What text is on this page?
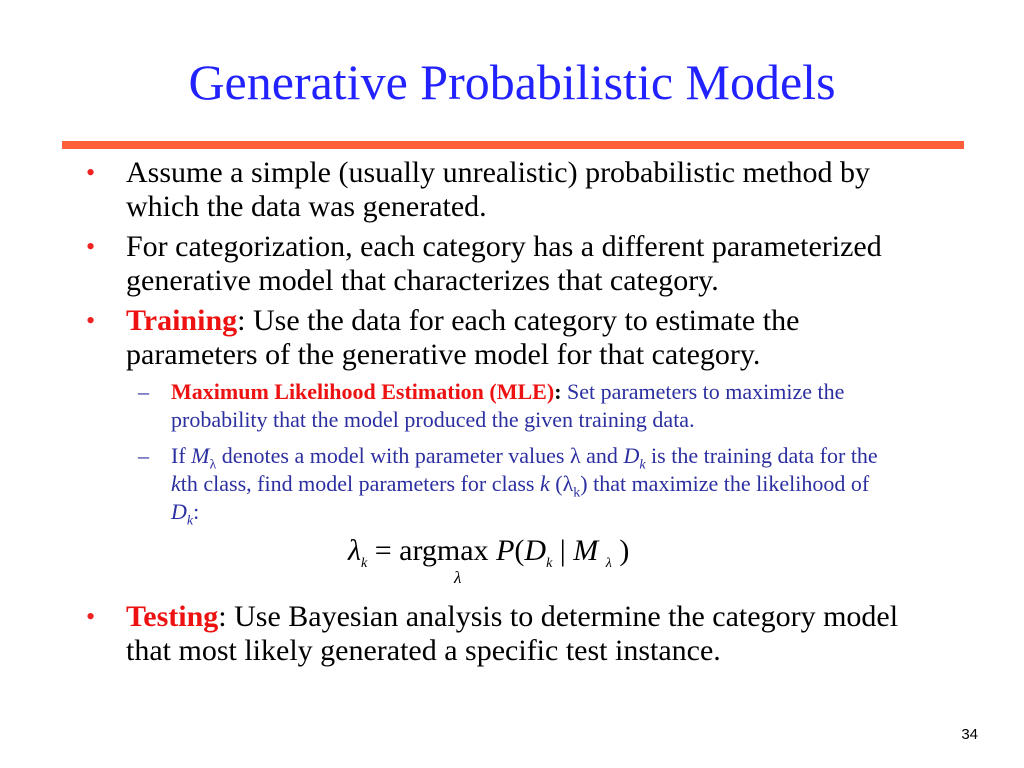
Generative Probabilistic Models
• Assume a simple (usually unrealistic) probabilistic method by which the data was generated.
• For categorization, each category has a different parameterized generative model that characterizes that category.
• Training: Use the data for each category to estimate the parameters of the generative model for that category.
– Maximum Likelihood Estimation (MLE): Set parameters to maximize the probability that the model produced the given training data.
– If $M_\lambda$ denotes a model with parameter values λ and $D_k$ is the training data for the kth class, find model parameters for class k $(\lambda_k)$ that maximize the likelihood of $D_k$:
$\lambda_k = argmax$ $P(D_k$ | M $_\lambda$ )
λ
• Testing: Use Bayesian analysis to determine the category model that most likely generated a specific test instance.
34
